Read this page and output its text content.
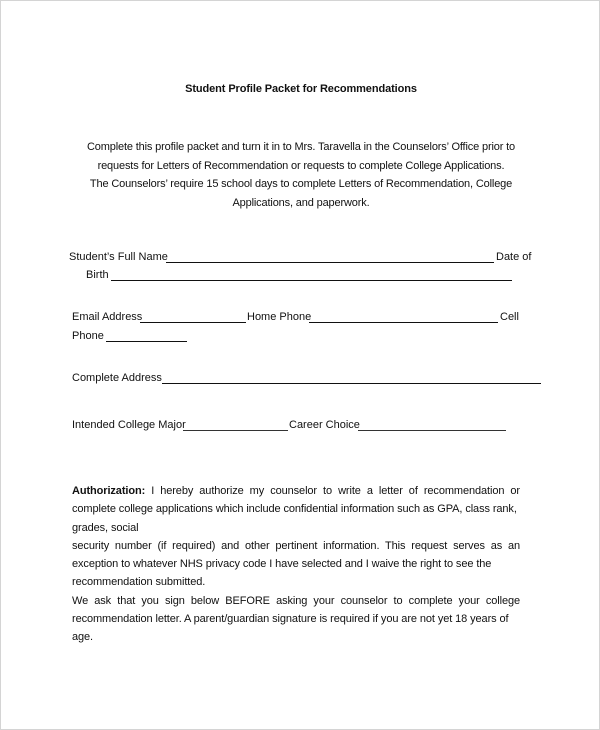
Student Profile Packet for Recommendations
Complete this profile packet and turn it in to Mrs. Taravella in the Counselors’ Office prior to
requests for Letters of Recommendation or requests to complete College Applications.
The Counselors’ require 15 school days to complete Letters of Recommendation, College
Applications, and paperwork.
Student’s Full Name	Date of
Birth
Email Address	Home Phone	Cell
Phone
Complete Address
Intended College Major	Career Choice

Authorization: I hereby authorize my counselor to write a letter of recommendation or complete college applications which include confidential information such as GPA, class rank,

grades, social

security number (if required) and other pertinent information. This request serves as an exception to whatever NHS privacy code I have selected and I waive the right to see the

recommendation submitted.

We ask that you sign below BEFORE asking your counselor to complete your college recommendation letter. A parent/guardian signature is required if you are not yet 18 years of

age.
